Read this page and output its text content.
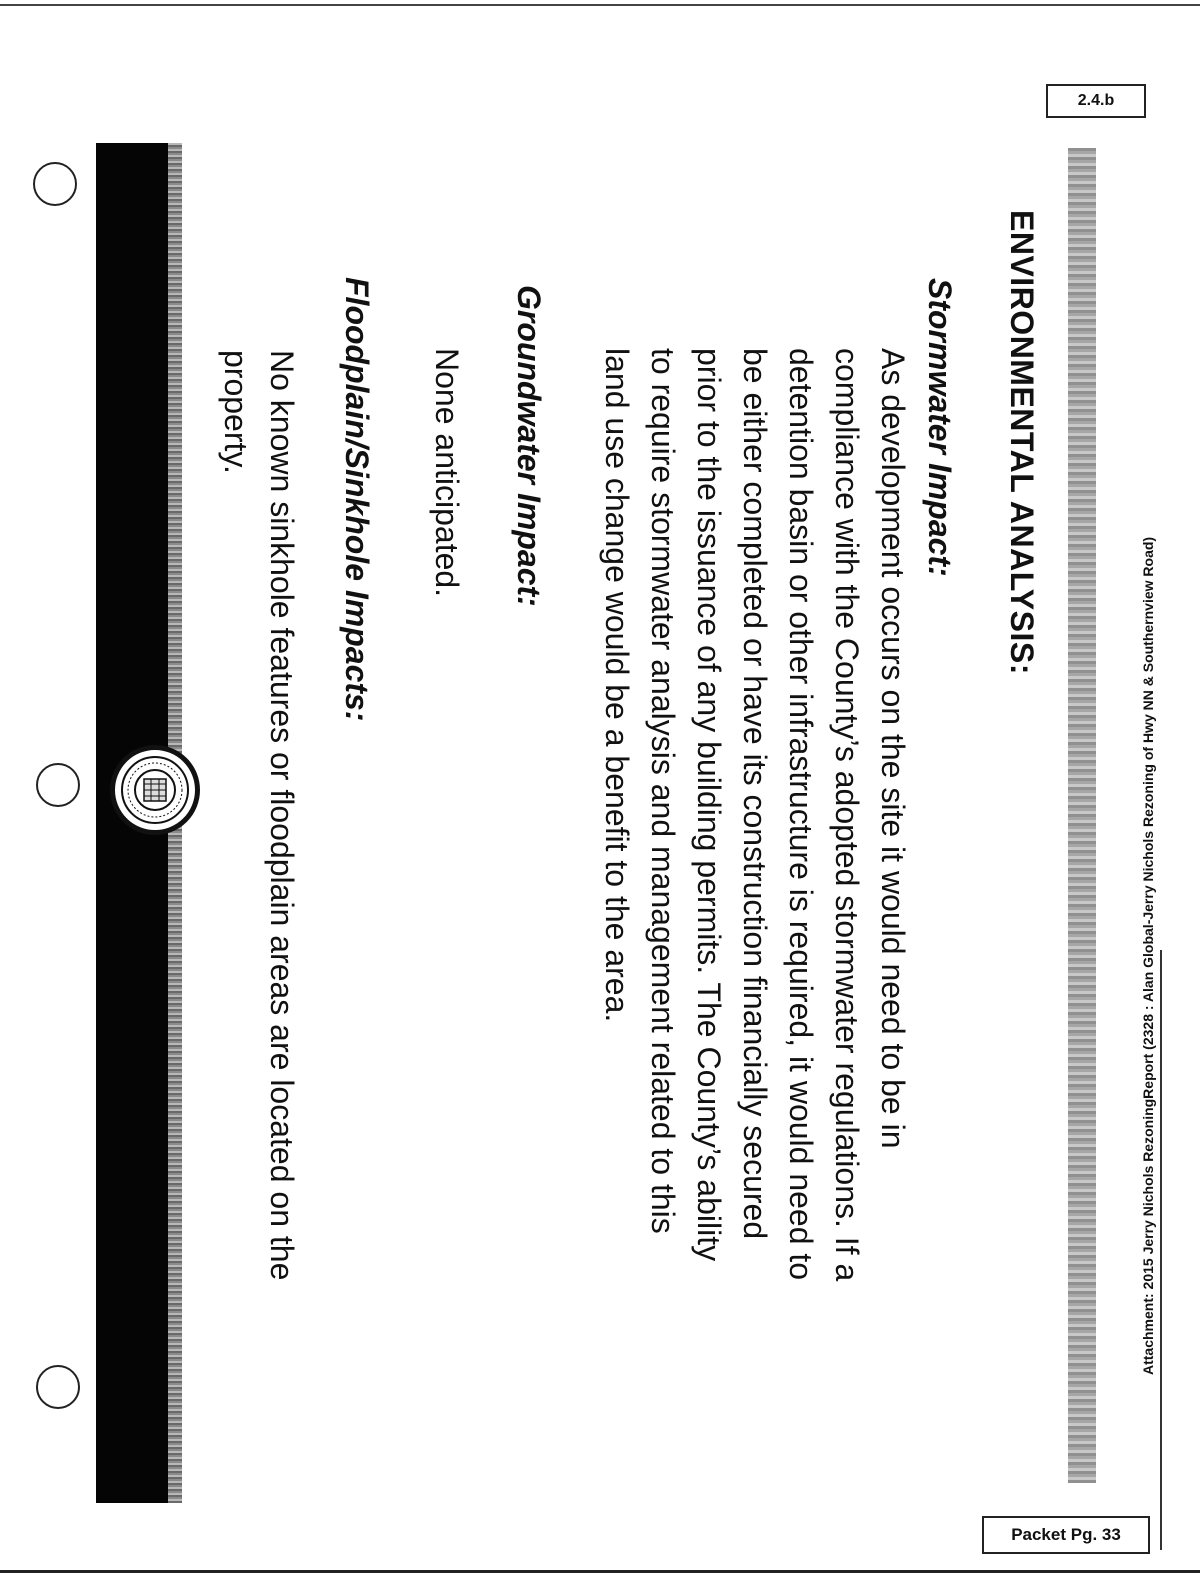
2.4.b
Attachment: 2015 Jerry Nichols RezoningReport (2328 : Alan Global-Jerry Nichols Rezoning of Hwy NN & Southernview Road)
ENVIRONMENTAL ANALYSIS:
Stormwater Impact:
As development occurs on the site it would need to be in
compliance with the County’s adopted stormwater regulations. If a
detention basin or other infrastructure is required, it would need to
be either completed or have its construction financially secured
prior to the issuance of any building permits. The County’s ability
to require stormwater analysis and management related to this
land use change would be a benefit to the area.
Groundwater Impact:
None anticipated.
Floodplain/Sinkhole Impacts:
No known sinkhole features or floodplain areas are located on the
property.
Packet Pg. 33
